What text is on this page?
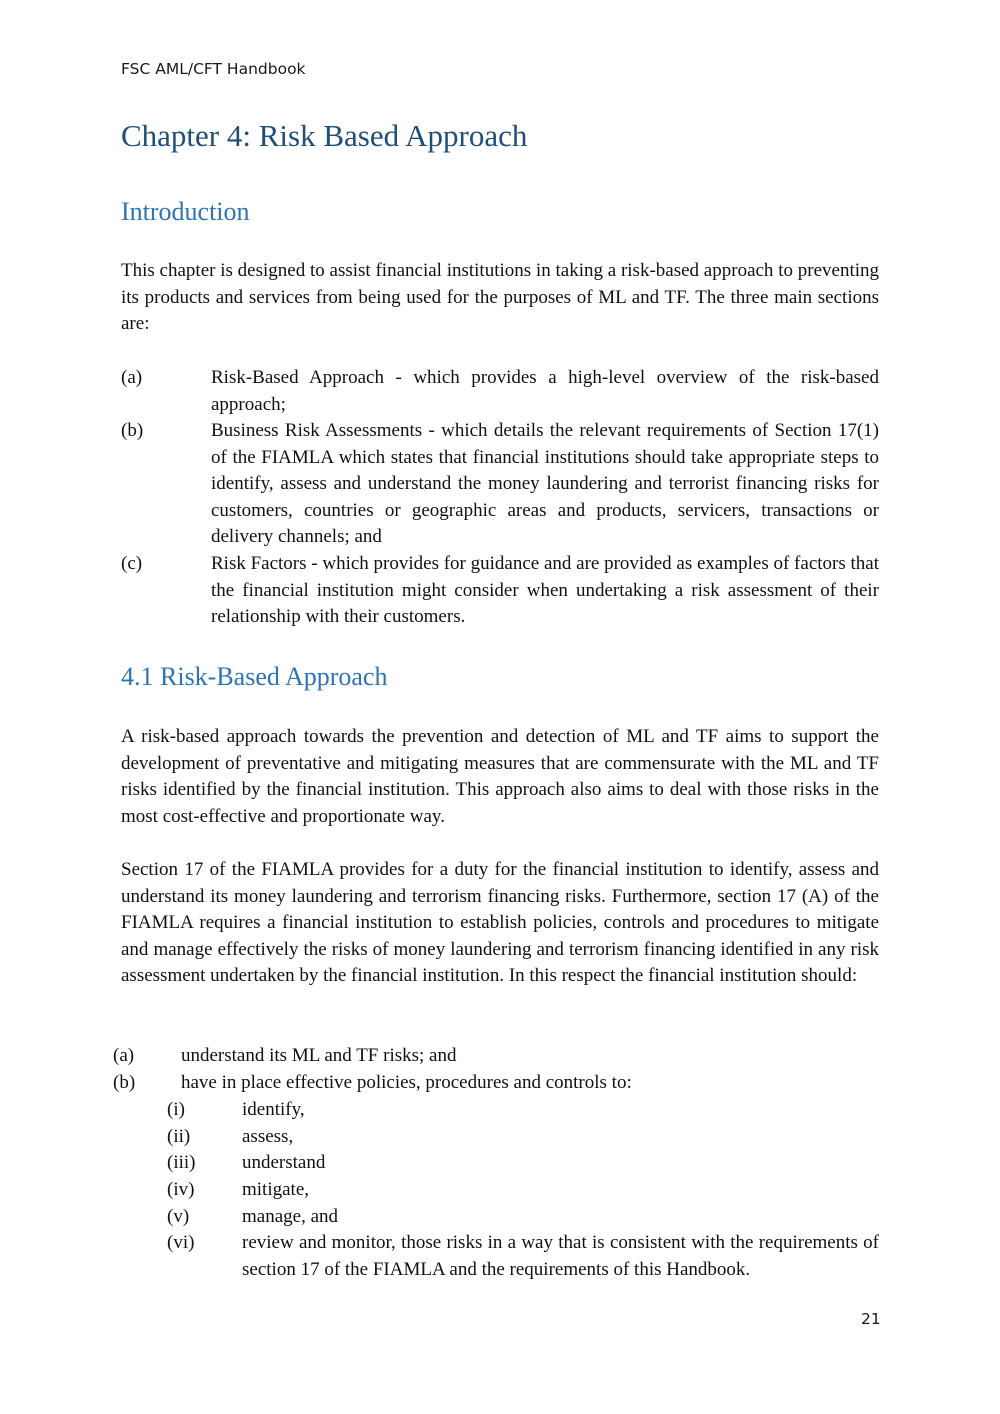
FSC AML/CFT Handbook
Chapter 4: Risk Based Approach
Introduction

This chapter is designed to assist financial institutions in taking a risk-based approach to preventing its products and services from being used for the purposes of ML and TF. The three main sections are:

(a)	Risk-Based Approach - which provides a high-level overview of the risk-based approach;
(b)	Business Risk Assessments - which details the relevant requirements of Section 17(1) of the FIAMLA which states that financial institutions should take appropriate steps to identify, assess and understand the money laundering and terrorist financing risks for customers, countries or geographic areas and products, servicers, transactions or delivery channels; and
(c)	Risk Factors - which provides for guidance and are provided as examples of factors that the financial institution might consider when undertaking a risk assessment of their relationship with their customers.
4.1 Risk-Based Approach

A risk-based approach towards the prevention and detection of ML and TF aims to support the development of preventative and mitigating measures that are commensurate with the ML and TF risks identified by the financial institution. This approach also aims to deal with those risks in the most cost-effective and proportionate way.

Section 17 of the FIAMLA provides for a duty for the financial institution to identify, assess and understand its money laundering and terrorism financing risks. Furthermore, section 17 (A) of the FIAMLA requires a financial institution to establish policies, controls and procedures to mitigate and manage effectively the risks of money laundering and terrorism financing identified in any risk assessment undertaken by the financial institution. In this respect the financial institution should:

(a) understand its ML and TF risks; and
(b) have in place effective policies, procedures and controls to:
(i)	identify,
(ii)	assess,
(iii) understand
(iv)	mitigate,
(v)	manage, and
(vi)	review and monitor, those risks in a way that is consistent with the requirements of section 17 of the FIAMLA and the requirements of this Handbook.
21
